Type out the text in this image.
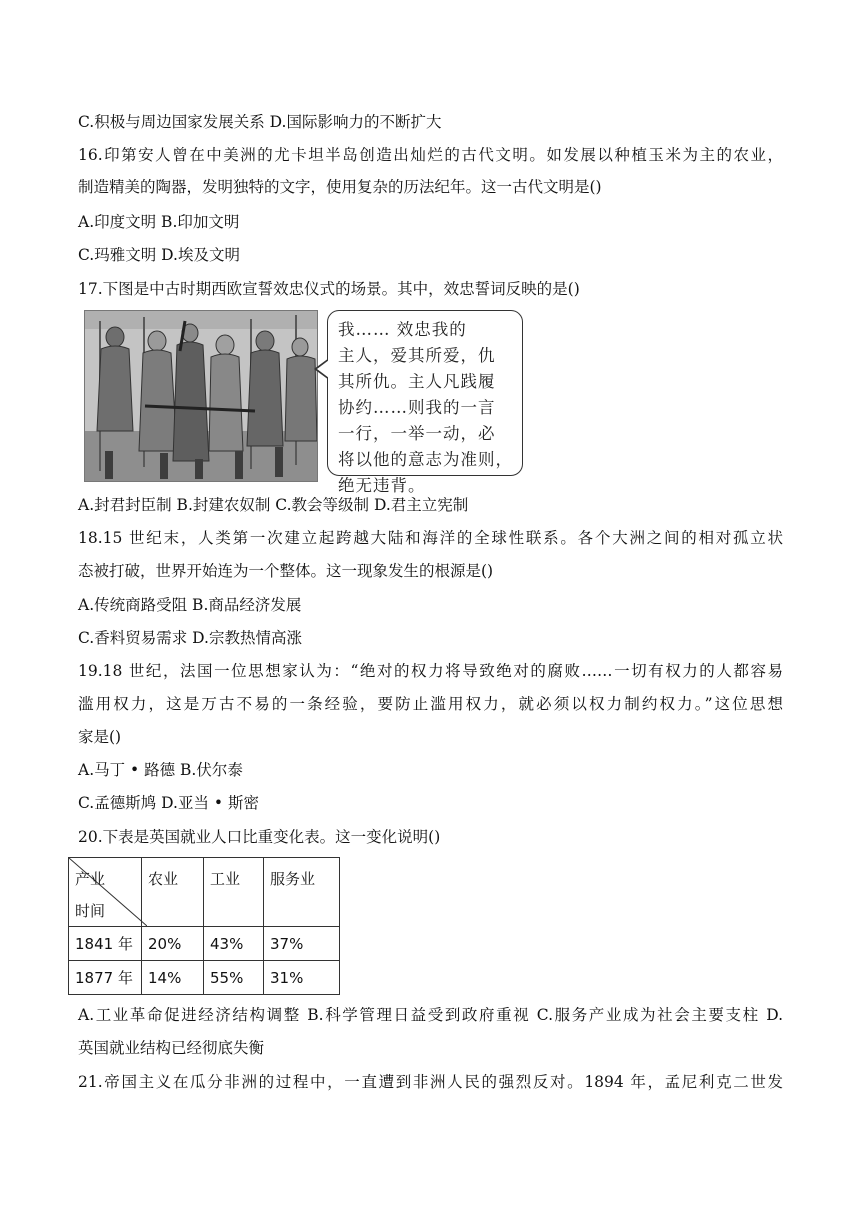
C.积极与周边国家发展关系 D.国际影响力的不断扩大
16.印第安人曾在中美洲的尤卡坦半岛创造出灿烂的古代文明。如发展以种植玉米为主的农业，
制造精美的陶器，发明独特的文字，使用复杂的历法纪年。这一古代文明是()
A.印度文明 B.印加文明
C.玛雅文明 D.埃及文明
17.下图是中古时期西欧宣誓效忠仪式的场景。其中，效忠誓词反映的是()
我…… 效忠我的
主人，爱其所爱，仇
其所仇。主人凡践履
协约……则我的一言
一行，一举一动，必
将以他的意志为准则，
绝无违背。
A.封君封臣制 B.封建农奴制 C.教会等级制 D.君主立宪制
18.15 世纪末，人类第一次建立起跨越大陆和海洋的全球性联系。各个大洲之间的相对孤立状
态被打破，世界开始连为一个整体。这一现象发生的根源是()
A.传统商路受阻 B.商品经济发展
C.香料贸易需求 D.宗教热情高涨
19.18 世纪，法国一位思想家认为：“绝对的权力将导致绝对的腐败……一切有权力的人都容易
滥用权力，这是万古不易的一条经验，要防止滥用权力，就必须以权力制约权力。”这位思想
家是()
A.马丁 • 路德 B.伏尔泰
C.孟德斯鸠 D.亚当 • 斯密
20.下表是英国就业人口比重变化表。这一变化说明()
产业
时间	农业	工业	服务业
1841 年	20%	43%	37%
1877 年	14%	55%	31%
A.工业革命促进经济结构调整 B.科学管理日益受到政府重视 C.服务产业成为社会主要支柱 D.
英国就业结构已经彻底失衡
21.帝国主义在瓜分非洲的过程中，一直遭到非洲人民的强烈反对。1894 年，孟尼利克二世发
